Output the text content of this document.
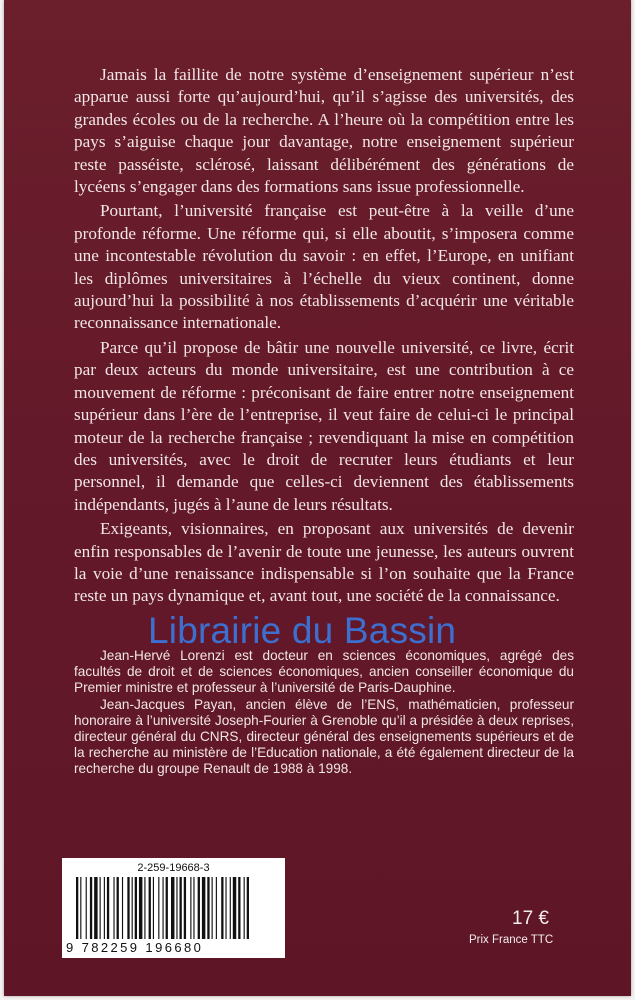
Jamais la faillite de notre système d’enseignement supérieur n’est apparue aussi forte qu’aujourd’hui, qu’il s’agisse des universités, des grandes écoles ou de la recherche. A l’heure où la compétition entre les pays s’aiguise chaque jour davantage, notre enseignement supérieur reste passéiste, sclérosé, laissant délibérément des générations de lycéens s’engager dans des formations sans issue professionnelle.

Pourtant, l’université française est peut-être à la veille d’une profonde réforme. Une réforme qui, si elle aboutit, s’imposera comme une incontestable révolution du savoir : en effet, l’Europe, en unifiant les diplômes universitaires à l’échelle du vieux continent, donne aujourd’hui la possibilité à nos établissements d’acquérir une véritable reconnaissance internationale.

Parce qu’il propose de bâtir une nouvelle université, ce livre, écrit par deux acteurs du monde universitaire, est une contribution à ce mouvement de réforme : préconisant de faire entrer notre enseignement supérieur dans l’ère de l’entreprise, il veut faire de celui-ci le principal moteur de la recherche française ; revendiquant la mise en compétition des universités, avec le droit de recruter leurs étudiants et leur personnel, il demande que celles-ci deviennent des établissements indépendants, jugés à l’aune de leurs résultats.

Exigeants, visionnaires, en proposant aux universités de devenir enfin responsables de l’avenir de toute une jeunesse, les auteurs ouvrent la voie d’une renaissance indispensable si l’on souhaite que la France reste un pays dynamique et, avant tout, une société de la connaissance.

Jean-Hervé Lorenzi est docteur en sciences économiques, agrégé des facultés de droit et de sciences économiques, ancien conseiller économique du Premier ministre et professeur à l’université de Paris-Dauphine.

Jean-Jacques Payan, ancien élève de l’ENS, mathématicien, professeur honoraire à l’université Joseph-Fourier à Grenoble qu’il a présidée à deux reprises, directeur général du CNRS, directeur général des enseignements supérieurs et de la recherche au ministère de l’Education nationale, a été également directeur de la recherche du groupe Renault de 1988 à 1998.

2-259-19668-3
9 782259 196680
17 €
Prix France TTC
Librairie du Bassin
